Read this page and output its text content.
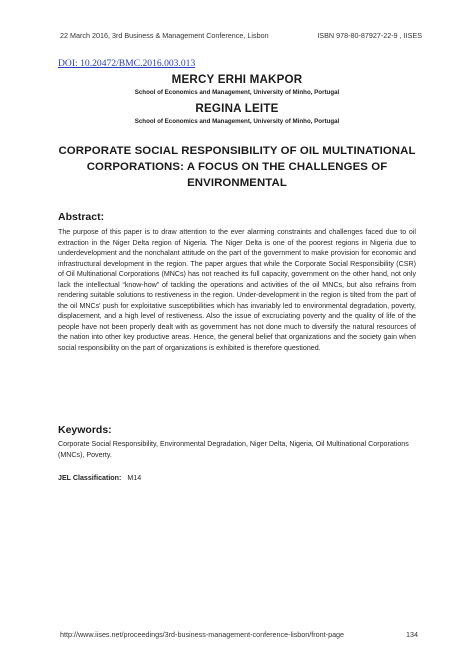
22 March 2016, 3rd Business & Management Conference, Lisbon	ISBN 978-80-87927-22-9 , IISES
DOI: 10.20472/BMC.2016.003.013
MERCY ERHI MAKPOR
School of Economics and Management, University of Minho, Portugal
REGINA LEITE
School of Economics and Management, University of Minho, Portugal
CORPORATE SOCIAL RESPONSIBILITY OF OIL MULTINATIONAL CORPORATIONS: A FOCUS ON THE CHALLENGES OF ENVIRONMENTAL
Abstract:
The purpose of this paper is to draw attention to the ever alarming constraints and challenges faced due to oil extraction in the Niger Delta region of Nigeria. The Niger Delta is one of the poorest regions in Nigeria due to underdevelopment and the nonchalant attitude on the part of the government to make provision for economic and infrastructural development in the region. The paper argues that while the Corporate Social Responsibility (CSR) of Oil Multinational Corporations (MNCs) has not reached its full capacity, government on the other hand, not only lack the intellectual “know-how” of tackling the operations and activities of the oil MNCs, but also refrains from rendering suitable solutions to restiveness in the region. Under-development in the region is tilted from the part of the oil MNCs' push for exploitative susceptibilities which has invariably led to environmental degradation, poverty, displacement, and a high level of restiveness. Also the issue of excruciating poverty and the quality of life of the people have not been properly dealt with as government has not done much to diversify the natural resources of the nation into other key productive areas. Hence, the general belief that organizations and the society gain when social responsibility on the part of organizations is exhibited is therefore questioned.
Keywords:
Corporate Social Responsibility, Environmental Degradation, Niger Delta, Nigeria, Oil Multinational Corporations (MNCs), Poverty.
JEL Classification: M14
http://www.iises.net/proceedings/3rd-business-management-conference-lisbon/front-page	134
